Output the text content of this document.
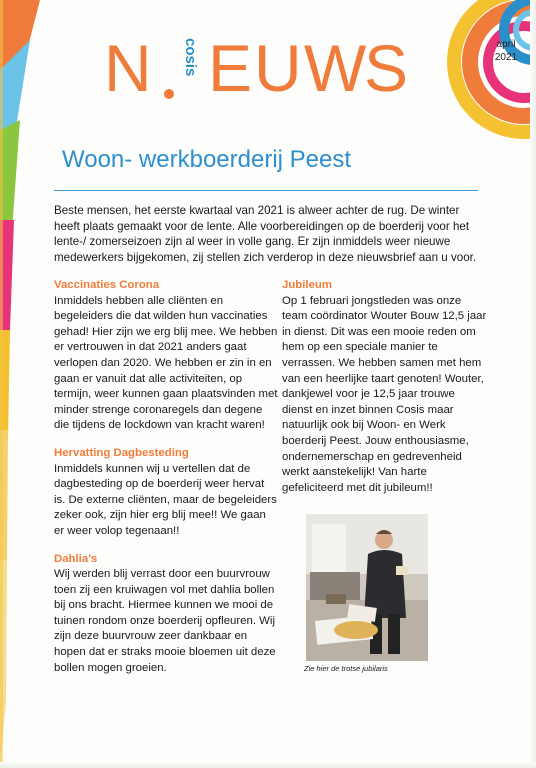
N E U W
S
cosis	april
2021
Woon- werkboerderij Peest
Beste mensen, het eerste kwartaal van 2021 is alweer achter de rug. De winter heeft plaats gemaakt voor de lente. Alle voorbereidingen op de boerderij voor het lente-/ zomerseizoen zijn al weer in volle gang. Er zijn inmiddels weer nieuwe medewerkers bijgekomen, zij stellen zich verderop in deze nieuwsbrief aan u voor.
Vaccinaties Corona
Inmiddels hebben alle cliënten en begeleiders die dat wilden hun vaccinaties gehad! Hier zijn we erg blij mee. We hebben er vertrouwen in dat 2021 anders gaat verlopen dan 2020. We hebben er zin in en gaan er vanuit dat alle activiteiten, op termijn, weer kunnen gaan plaatsvinden met minder strenge coronaregels dan degene die tijdens de lockdown van kracht waren!
Hervatting Dagbesteding
Inmiddels kunnen wij u vertellen dat de dagbesteding op de boerderij weer hervat is. De externe cliënten, maar de begeleiders zeker ook, zijn hier erg blij mee!! We gaan er weer volop tegenaan!!
Dahlia’s
Wij werden blij verrast door een buurvrouw toen zij een kruiwagen vol met dahlia bollen bij ons bracht. Hiermee kunnen we mooi de tuinen rondom onze boerderij opfleuren. Wij zijn deze buurvrouw zeer dankbaar en hopen dat er straks mooie bloemen uit deze bollen mogen groeien.
Jubileum
Op 1 februari jongstleden was onze team coördinator Wouter Bouw 12,5 jaar in dienst. Dit was een mooie reden om hem op een speciale manier te verrassen. We hebben samen met hem van een heerlijke taart genoten! Wouter, dankjewel voor je 12,5 jaar trouwe dienst en inzet binnen Cosis maar natuurlijk ook bij Woon- en Werk boerderij Peest. Jouw enthousiasme, ondernemerschap en gedrevenheid werkt aanstekelijk! Van harte gefeliciteerd met dit jubileum!!
Zie hier de trotse jubilaris
